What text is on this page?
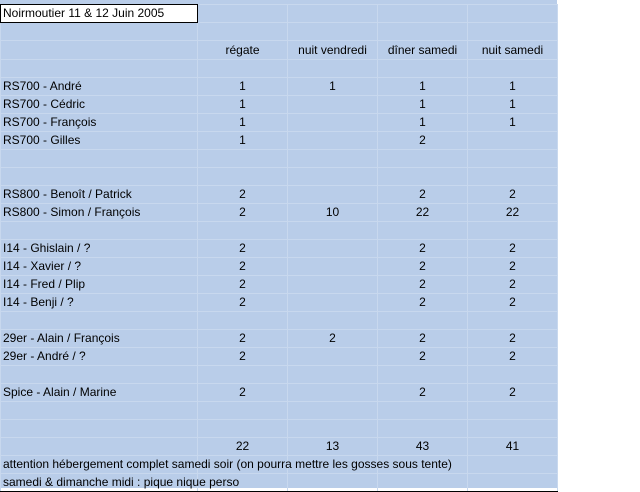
Noirmoutier 11 & 12 Juin 2005				

	régate	nuit vendredi	dîner samedi	nuit samedi

RS700 - André	1	1	1	1
RS700 - Cédric	1		1	1
RS700 - François	1		1	1
RS700 - Gilles	1		2	

RS800 - Benoît / Patrick	2		2	2
RS800 - Simon / François	2	10	22	22

I14 - Ghislain / ?	2		2	2
I14 - Xavier / ?	2		2	2
I14 - Fred / Plip	2		2	2
I14 - Benji / ?	2		2	2

29er - Alain / François	2	2	2	2
29er - André / ?	2		2	2

Spice - Alain / Marine	2		2	2

	22	13	43	41
attention hébergement complet samedi soir (on pourra mettre les gosses sous tente)				
samedi & dimanche midi : pique nique perso				
